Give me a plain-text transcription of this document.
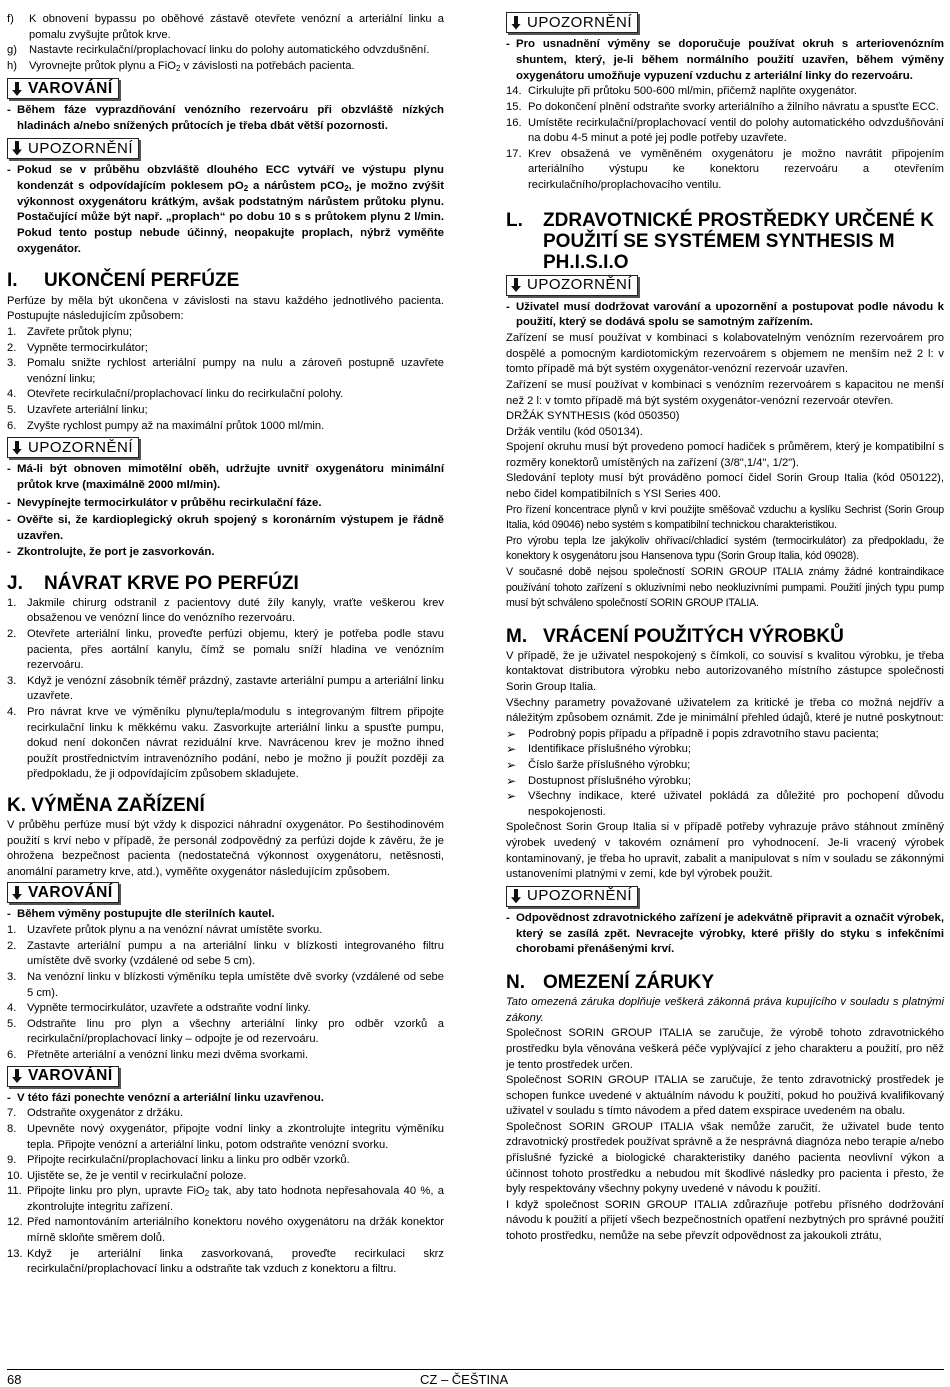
f)	K obnovení bypassu po oběhové zástavě otevřete venózní a arteriální linku a pomalu zvyšujte průtok krve.
g)	Nastavte recirkulační/proplachovací linku do polohy automatického odvzdušnění.
h)	Vyrovnejte průtok plynu a FiO$_2$ v závislosti na potřebách pacienta.
VAROVÁNÍ
- Během fáze vyprazdňování venózního rezervoáru při obzvláště nízkých hladinách a/nebo snížených průtocích je třeba dbát větší pozornosti.
UPOZORNĚNÍ
- Pokud se v průběhu obzvláště dlouhého ECC vytváří ve výstupu plynu kondenzát s odpovídajícím poklesem $pO_2$ a nárůstem pCO$_2$, je možno zvýšit výkonnost oxygenátoru krátkým, avšak podstatným nárůstem průtoku plynu. Postačující může být např. „proplach“ po dobu 10 s s průtokem plynu 2 l/min. Pokud tento postup nebude účinný, neopakujte proplach, nýbrž vyměňte oxygenátor.
I. UKONČENÍ PERFÚZE

Perfúze by měla být ukončena v závislosti na stavu každého jednotlivého pacienta. Postupujte následujícím způsobem:

1. Zavřete průtok plynu;
2. Vypněte termocirkulátor;
3. Pomalu snižte rychlost arteriální pumpy na nulu a zároveň postupně uzavřete venózní linku;
4. Otevřete recirkulační/proplachovací linku do recirkulační polohy.
5. Uzavřete arteriální linku;
6. Zvyšte rychlost pumpy až na maximální průtok 1000 ml/min.
UPOZORNĚNÍ
- Má-li být obnoven mimotělní oběh, udržujte uvnitř oxygenátoru minimální průtok krve (maximálně 2000 ml/min).
- Nevypínejte termocirkulátor v průběhu recirkulační fáze.
- Ověřte si, že kardioplegický okruh spojený s koronárním výstupem je řádně uzavřen.
- Zkontrolujte, že port je zasvorkován.
J. NÁVRAT KRVE PO PERFÚZI
1. Jakmile chirurg odstranil z pacientovy duté žíly kanyly, vraťte veškerou krev obsaženou ve venózní lince do venózního rezervoáru.
2. Otevřete arteriální linku, proveďte perfúzi objemu, který je potřeba podle stavu pacienta, přes aortální kanylu, čímž se pomalu sníží hladina ve venózním rezervoáru.
3. Když je venózní zásobník téměř prázdný, zastavte arteriální pumpu a arteriální linku uzavřete.
4. Pro návrat krve ve výměníku plynu/tepla/modulu s integrovaným filtrem připojte recirkulační linku k měkkému vaku. Zasvorkujte arteriální linku a spusťte pumpu, dokud není dokončen návrat reziduální krve. Navrácenou krev je možno ihned použít prostřednictvím intravenózního podání, nebo je možno ji použít později za předpokladu, že ji odpovídajícím způsobem skladujete.
K. VÝMĚNA ZAŘÍZENÍ

V průběhu perfúze musí být vždy k dispozici náhradní oxygenátor. Po šestihodinovém použití s krví nebo v případě, že personál zodpovědný za perfúzi dojde k závěru, že je ohrožena bezpečnost pacienta (nedostatečná výkonnost oxygenátoru, netěsnosti, anomální parametry krve, atd.), vyměňte oxygenátor následujícím způsobem.

VAROVÁNÍ
- Během výměny postupujte dle sterilních kautel.
1. Uzavřete průtok plynu a na venózní návrat umístěte svorku.
2. Zastavte arteriální pumpu a na arteriální linku v blízkosti integrovaného filtru umístěte dvě svorky (vzdálené od sebe 5 cm).
3. Na venózní linku v blízkosti výměníku tepla umístěte dvě svorky (vzdálené od sebe 5 cm).
4. Vypněte termocirkulátor, uzavřete a odstraňte vodní linky.
5. Odstraňte linu pro plyn a všechny arteriální linky pro odběr vzorků a recirkulační/proplachovací linky – odpojte je od rezervoáru.
6. Přetněte arteriální a venózní linku mezi dvěma svorkami.
VAROVÁNÍ
- V této fázi ponechte venózní a arteriální linku uzavřenou.
7. Odstraňte oxygenátor z držáku.
8. Upevněte nový oxygenátor, připojte vodní linky a zkontrolujte integritu výměníku tepla. Připojte venózní a arteriální linku, potom odstraňte venózní svorku.
9. Připojte recirkulační/proplachovací linku a linku pro odběr vzorků.
10. Ujistěte se, že je ventil v recirkulační poloze.
11. Připojte linku pro plyn, upravte FiO$_2$ tak, aby tato hodnota nepřesahovala 40 %, a zkontrolujte integritu zařízení.
12. Před namontováním arteriálního konektoru nového oxygenátoru na držák konektor mírně skloňte směrem dolů.
13. Když je arteriální linka zasvorkovaná, proveďte recirkulaci skrz recirkulační/proplachovací linku a odstraňte tak vzduch z konektoru a filtru.
UPOZORNĚNÍ
- Pro usnadnění výměny se doporučuje používat okruh s arteriovenózním shuntem, který, je-li během normálního použití uzavřen, během výměny oxygenátoru umožňuje vypuzení vzduchu z arteriální linky do rezervoáru.
14. Cirkulujte při průtoku 500-600 ml/min, přičemž naplňte oxygenátor.
15. Po dokončení plnění odstraňte svorky arteriálního a žilního návratu a spusťte ECC.
16. Umístěte recirkulační/proplachovací ventil do polohy automatického odvzdušňování na dobu 4-5 minut a poté jej podle potřeby uzavřete.
17. Krev obsažená ve vyměněném oxygenátoru je možno navrátit připojením arteriálního výstupu ke konektoru rezervoáru a otevřením recirkulačního/proplachovacího ventilu.
L.	ZDRAVOTNICKÉ PROSTŘEDKY URČENÉ K POUŽITÍ SE SYSTÉMEM SYNTHESIS M PH.I.S.I.O
UPOZORNĚNÍ
- Uživatel musí dodržovat varování a upozornění a postupovat podle návodu k použití, který se dodává spolu se samotným zařízením.

Zařízení se musí používat v kombinaci s kolabovatelným venózním rezervoárem pro dospělé a pomocným kardiotomickým rezervoárem s objemem ne menším než 2 l: v tomto případě má být systém oxygenátor-venózní rezervoár uzavřen.

Zařízení se musí používat v kombinaci s venózním rezervoárem s kapacitou ne menší než 2 l: v tomto případě má být systém oxygenátor-venózní rezervoár otevřen.

DRŽÁK SYNTHESIS (kód 050350)

Držák ventilu (kód 050134).

Spojení okruhu musí být provedeno pomocí hadiček s průměrem, který je kompatibilní s rozměry konektorů umístěných na zařízení (3/8",1/4", 1/2").

Sledování teploty musí být prováděno pomocí čidel Sorin Group Italia (kód 050122), nebo čidel kompatibilních s YSI Series 400.

Pro řízení koncentrace plynů v krvi použijte směšovač vzduchu a kyslíku Sechrist (Sorin Group Italia, kód 09046) nebo systém s kompatibilní technickou charakteristikou.

Pro výrobu tepla lze jakýkoliv ohřívací/chladicí systém (termocirkulátor) za předpokladu, že konektory k osygenátoru jsou Hansenova typu (Sorin Group Italia, kód 09028).

V současné době nejsou společností SORIN GROUP ITALIA známy žádné kontraindikace používání tohoto zařízení s okluzivními nebo neokluzivními pumpami. Použití jiných typu pump musí být schváleno společností SORIN GROUP ITALIA.

M. VRÁCENÍ POUŽITÝCH VÝROBKŮ

V případě, že je uživatel nespokojený s čímkoli, co souvisí s kvalitou výrobku, je třeba kontaktovat distributora výrobku nebo autorizovaného místního zástupce společnosti Sorin Group Italia.

Všechny parametry považované uživatelem za kritické je třeba co možná nejdřív a náležitým způsobem oznámit. Zde je minimální přehled údajů, které je nutné poskytnout:

➢	Podrobný popis případu a případně i popis zdravotního stavu pacienta;
➢	Identifikace příslušného výrobku;
➢	Číslo šarže příslušného výrobku;
➢	Dostupnost příslušného výrobku;
➢	Všechny indikace, které uživatel pokládá za důležité pro pochopení důvodu nespokojenosti.

Společnost Sorin Group Italia si v případě potřeby vyhrazuje právo stáhnout zmíněný výrobek uvedený v takovém oznámení pro vyhodnocení. Je-li vracený výrobek kontaminovaný, je třeba ho upravit, zabalit a manipulovat s ním v souladu se zákonnými ustanoveními platnými v zemi, kde byl výrobek použit.

UPOZORNĚNÍ
- Odpovědnost zdravotnického zařízení je adekvátně připravit a označit výrobek, který se zasílá zpět. Nevracejte výrobky, které přišly do styku s infekčními chorobami přenášenými krví.
N. OMEZENÍ ZÁRUKY

Tato omezená záruka doplňuje veškerá zákonná práva kupujícího v souladu s platnými zákony.

Společnost SORIN GROUP ITALIA se zaručuje, že výrobě tohoto zdravotnického prostředku byla věnována veškerá péče vyplývající z jeho charakteru a použití, pro něž je tento prostředek určen.

Společnost SORIN GROUP ITALIA se zaručuje, že tento zdravotnický prostředek je schopen funkce uvedené v aktuálním návodu k použití, pokud ho použivá kvalifikovaný uživatel v souladu s tímto návodem a před datem exspirace uvedeném na obalu.

Společnost SORIN GROUP ITALIA však nemůže zaručit, že uživatel bude tento zdravotnický prostředek používat správně a že nesprávná diagnóza nebo terapie a/nebo příslušné fyzické a biologické charakteristiky daného pacienta neovlivní výkon a účinnost tohoto prostředku a nebudou mít škodlivé následky pro pacienta i přesto, že byly respektovány všechny pokyny uvedené v návodu k použití.

I když společnost SORIN GROUP ITALIA zdůrazňuje potřebu přísného dodržování návodu k použití a přijetí všech bezpečnostních opatření nezbytných pro správné použití tohoto prostředku, nemůže na sebe převzít odpovědnost za jakoukoli ztrátu,

68	CZ – ČEŠTINA
